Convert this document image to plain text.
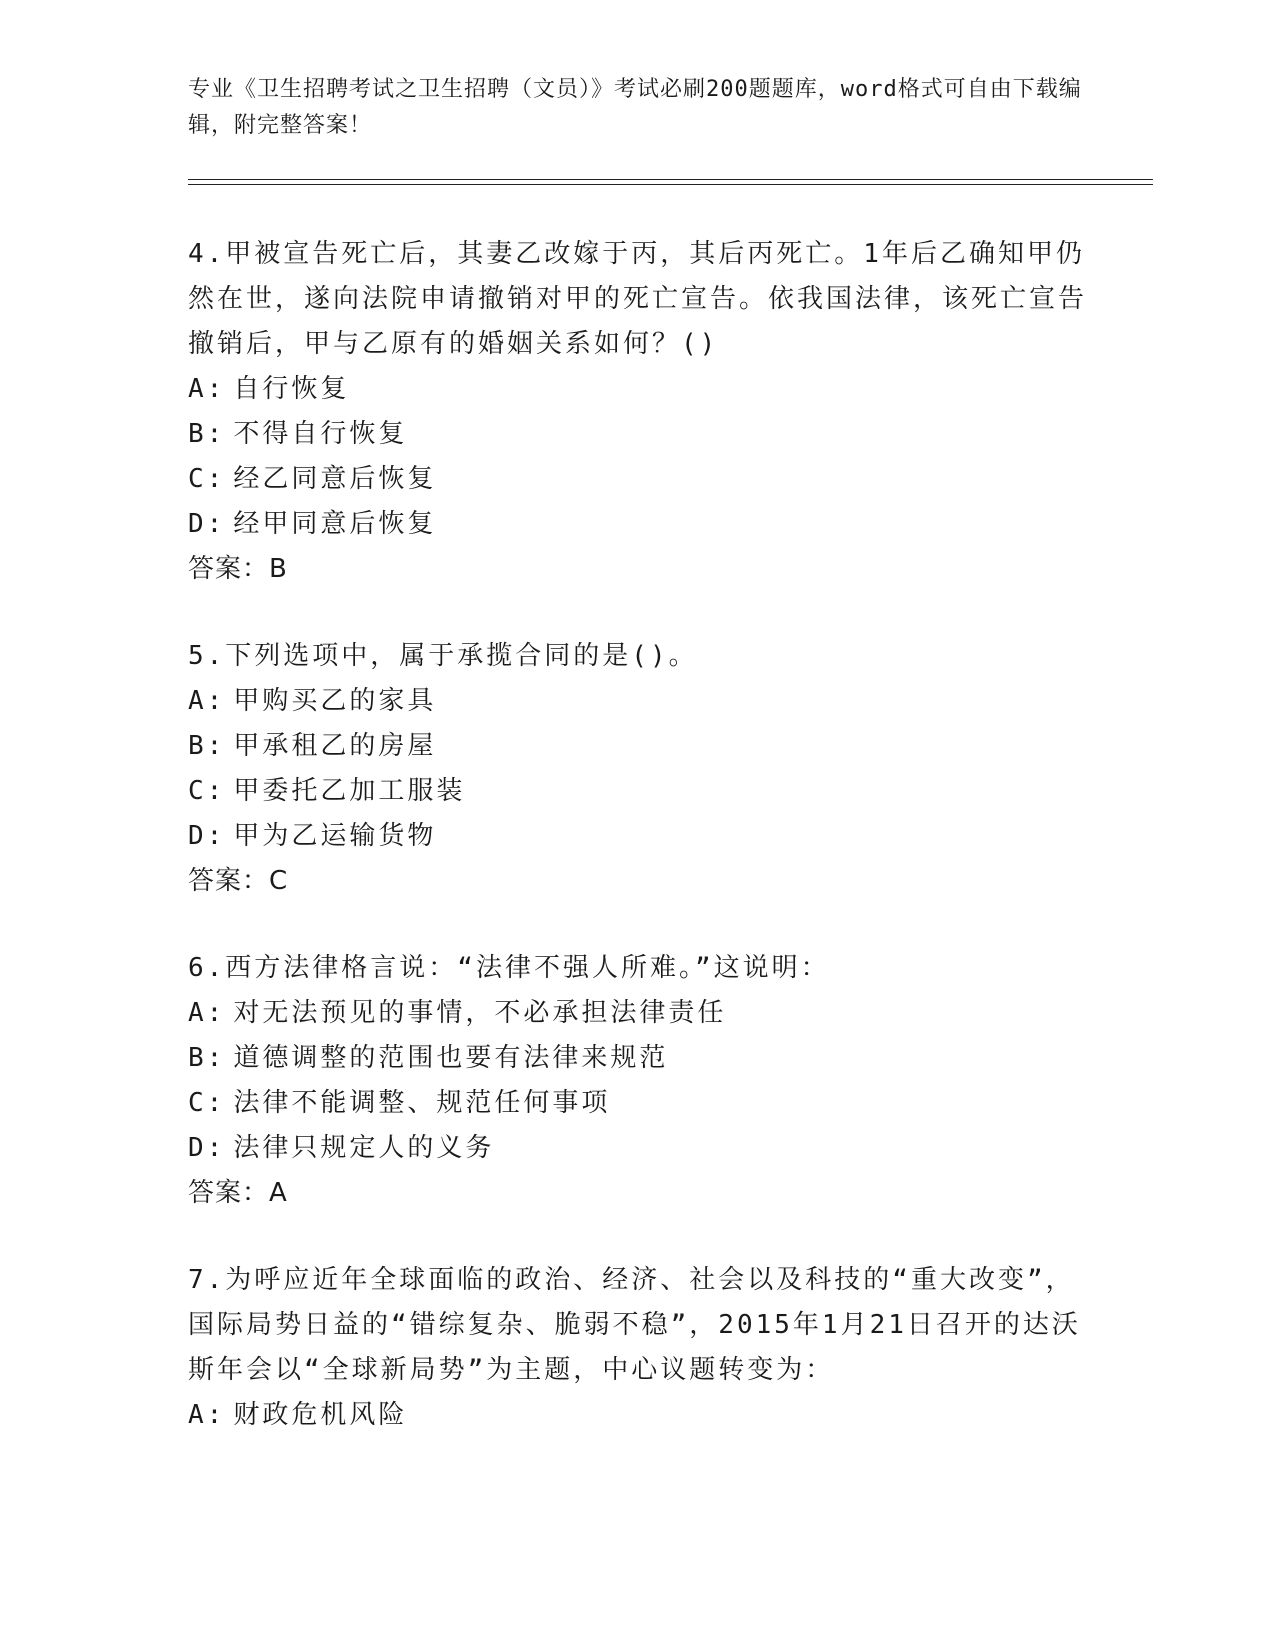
专业《卫生招聘考试之卫生招聘（文员）》考试必刷200题题库，word格式可自由下载编辑，附完整答案！

4.甲被宣告死亡后，其妻乙改嫁于丙，其后丙死亡。1年后乙确知甲仍然在世，遂向法院申请撤销对甲的死亡宣告。依我国法律，该死亡宣告撤销后，甲与乙原有的婚姻关系如何？()

A: 自行恢复

B: 不得自行恢复

C: 经乙同意后恢复

D: 经甲同意后恢复

答案：B

5.下列选项中，属于承揽合同的是()。

A: 甲购买乙的家具

B: 甲承租乙的房屋

C: 甲委托乙加工服装

D: 甲为乙运输货物

答案：C

6.西方法律格言说：“法律不强人所难。”这说明：

A: 对无法预见的事情，不必承担法律责任

B: 道德调整的范围也要有法律来规范

C: 法律不能调整、规范任何事项

D: 法律只规定人的义务

答案：A

7.为呼应近年全球面临的政治、经济、社会以及科技的“重大改变”，国际局势日益的“错综复杂、脆弱不稳”，2015年1月21日召开的达沃斯年会以“全球新局势”为主题，中心议题转变为：

A: 财政危机风险
